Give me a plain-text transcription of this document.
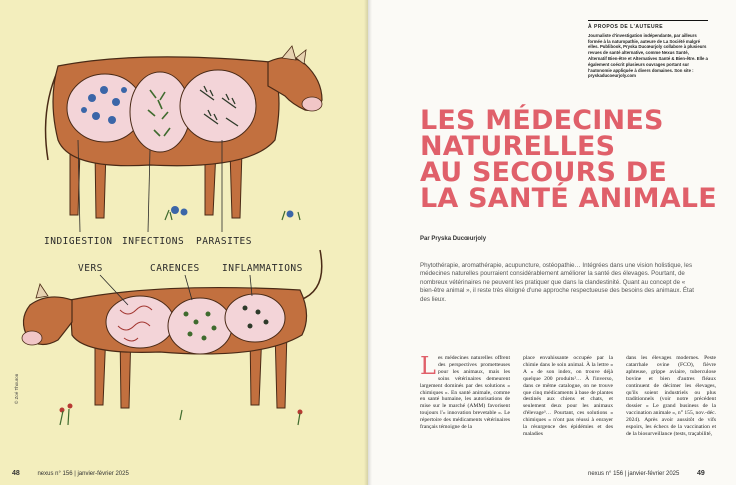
INDIGESTION INFECTIONS PARASITES
VERS	CARENCES INFLAMMATIONS
© Zoé Thouron
48	nexus n° 156 | janvier-février 2025
À PROPOS DE L'AUTEURE
Journaliste d'investigation indépendante, par ailleurs formée à la naturopathie, auteure de La Société malgré elles. Publibook, Pryska Ducœurjoly collabore à plusieurs revues de santé alternative, comme Nexus Santé, Alternatif Bien-être et Alternatives Santé & Bien-être. Elle a également coécrit plusieurs ouvrages portant sur l'autonomie appliquée à divers domaines. Son site : pryskaducoeurjoly.com
LES MÉDECINES
NATURELLES
AU SECOURS DE
LA SANTÉ ANIMALE
Par Pryska Ducœurjoly

Phytothérapie, aromathérapie, acupuncture, ostéopathie… Intégrées dans une vision holistique, les médecines naturelles pourraient considérablement améliorer la santé des élevages. Pourtant, de nombreux vétérinaires ne peuvent les pratiquer que dans la clandestinité. Quant au concept de « bien-être animal », il reste très éloigné d'une approche respectueuse des besoins des animaux. État des lieux.

L es médecines naturelles offrent des perspectives prometteuses pour les animaux, mais les soins vétérinaires demeurent largement dominés par des solutions « chimiques ». En santé animale, comme en santé humaine, les autorisations de mise sur le marché (AMM) favorisent toujours l'« innovation brevetable ». Le répertoire des médicaments vétérinaires français témoigne de la
place envahissante occupée par la chimie dans le soin animal. À la lettre « A » de son index, on trouve déjà quelque 200 produits²… À l'inverso, dans ce même catalogue, on ne trouve que cinq médicaments à base de plantes destinés aux chiens et chats, et seulement deux pour les animaux d'élevage³… Pourtant, ces solutions « chimiques » n'ont pas réussi à enrayer la résurgence des épidémies et des maladies
dans les élevages modernes. Peste catarrhale ovine (FCO), fièvre aphteuse, grippe aviaire, tuberculose bovine et bien d'autres fléaux continuent de décimer les élevages, qu'ils soient industriels ou plus traditionnels (voir notre précédent dossier « Le grand business de la vaccination animale », n° 155, nov.-déc. 2024). Après avoir aussitôt de vifs espoirs, les échecs de la vaccination et de la biosurveillance (tests, traçabilité,
nexus n° 156 | janvier-février 2025	49
